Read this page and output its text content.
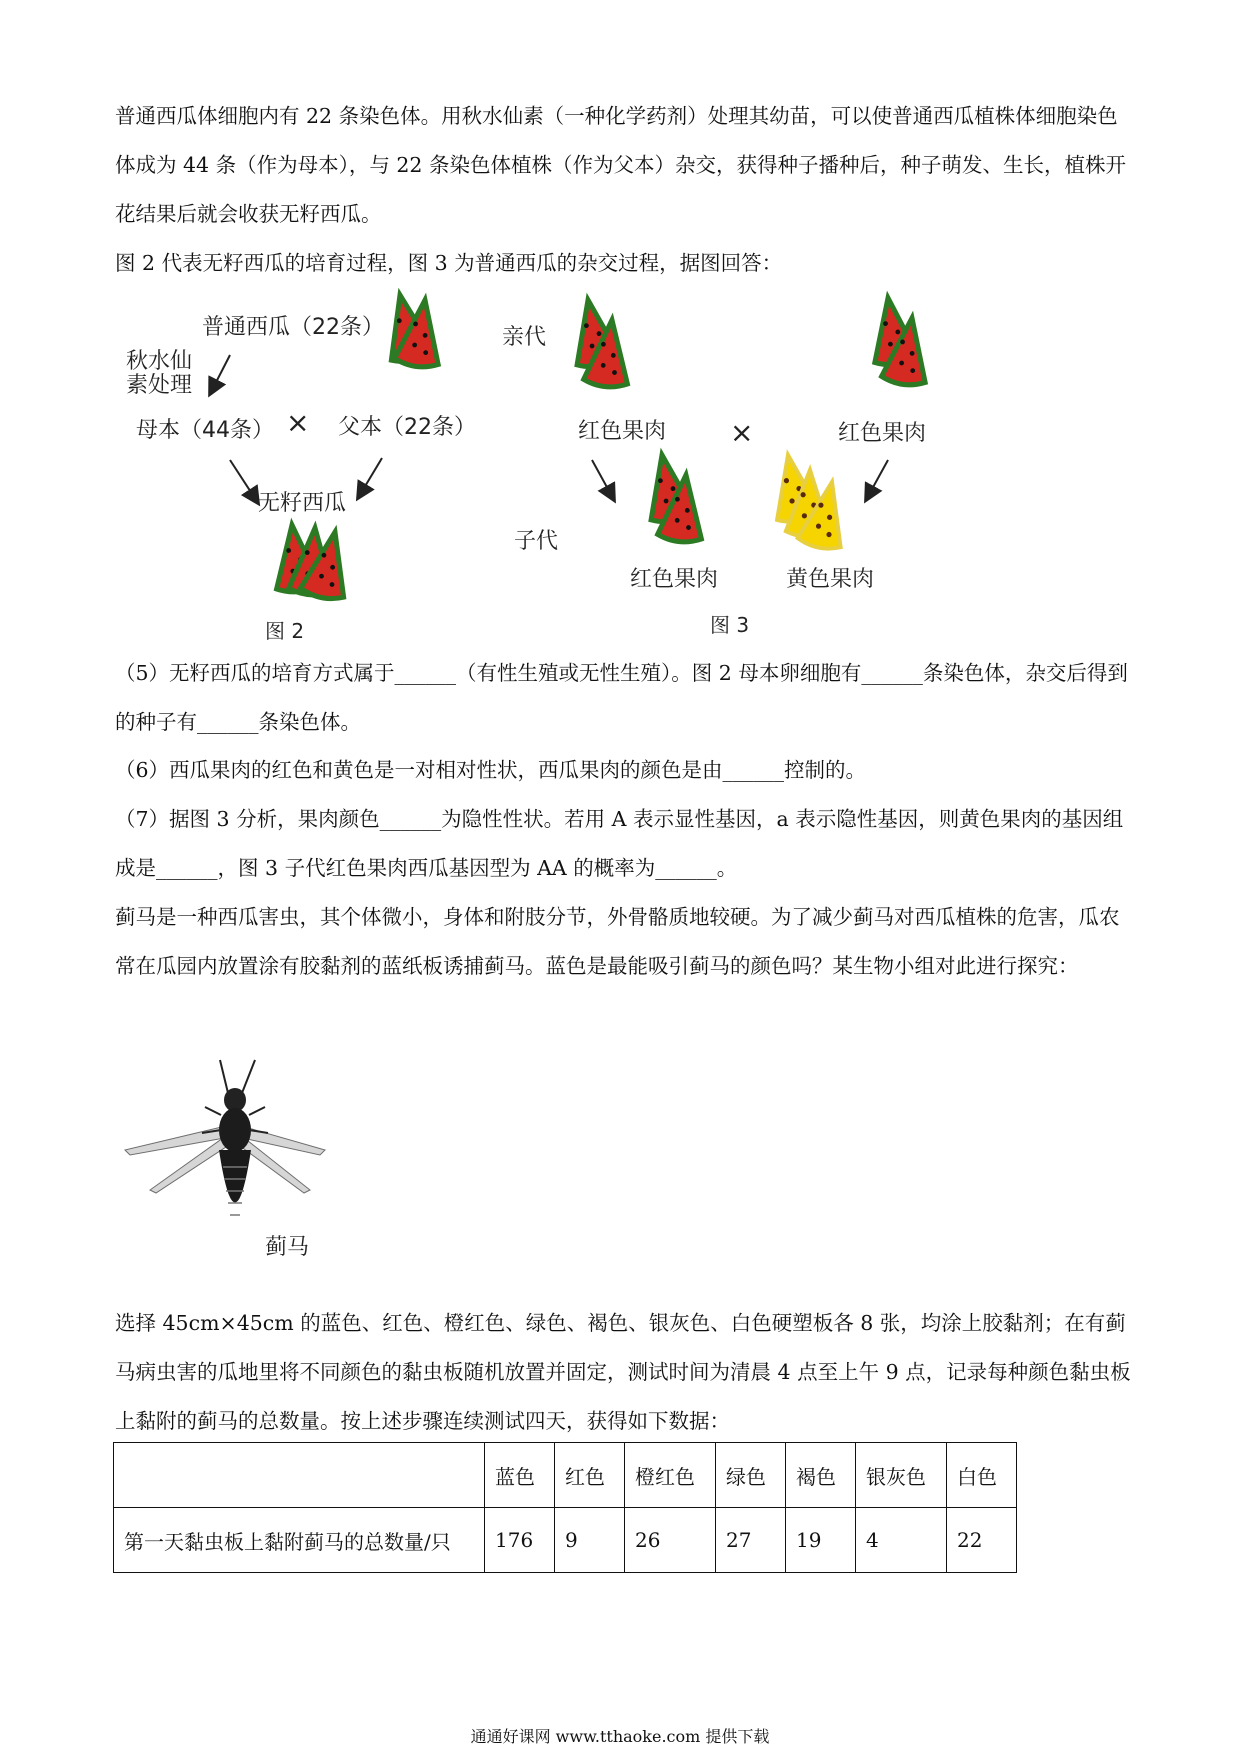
普通西瓜体细胞内有 22 条染色体。用秋水仙素（一种化学药剂）处理其幼苗，可以使普通西瓜植株体细胞染色体成为 44 条（作为母本），与 22 条染色体植株（作为父本）杂交，获得种子播种后，种子萌发、生长，植株开花结果后就会收获无籽西瓜。

图 2 代表无籽西瓜的培育过程，图 3 为普通西瓜的杂交过程，据图回答：

普通西瓜（22条）
秋水仙
素处理
母本（44条） × 父本（22条）
无籽西瓜
图 2
亲代
红色果肉 ×	红色果肉
子代
红色果肉	黄色果肉
图 3

（5）无籽西瓜的培育方式属于______（有性生殖或无性生殖）。图 2 母本卵细胞有______条染色体，杂交后得到的种子有______条染色体。

（6）西瓜果肉的红色和黄色是一对相对性状，西瓜果肉的颜色是由______控制的。

（7）据图 3 分析，果肉颜色______为隐性性状。若用 A 表示显性基因，a 表示隐性基因，则黄色果肉的基因组成是______，图 3 子代红色果肉西瓜基因型为 AA 的概率为______。

蓟马是一种西瓜害虫，其个体微小，身体和附肢分节，外骨骼质地较硬。为了减少蓟马对西瓜植株的危害，瓜农常在瓜园内放置涂有胶黏剂的蓝纸板诱捕蓟马。蓝色是最能吸引蓟马的颜色吗？某生物小组对此进行探究：

蓟马

选择 45cm×45cm 的蓝色、红色、橙红色、绿色、褐色、银灰色、白色硬塑板各 8 张，均涂上胶黏剂；在有蓟马病虫害的瓜地里将不同颜色的黏虫板随机放置并固定，测试时间为清晨 4 点至上午 9 点，记录每种颜色黏虫板上黏附的蓟马的总数量。按上述步骤连续测试四天，获得如下数据：

	蓝色	红色	橙红色	绿色	褐色	银灰色	白色
第一天黏虫板上黏附蓟马的总数量/只	176	9	26	27	19	4	22
通通好课网 www.tthaoke.com 提供下载
